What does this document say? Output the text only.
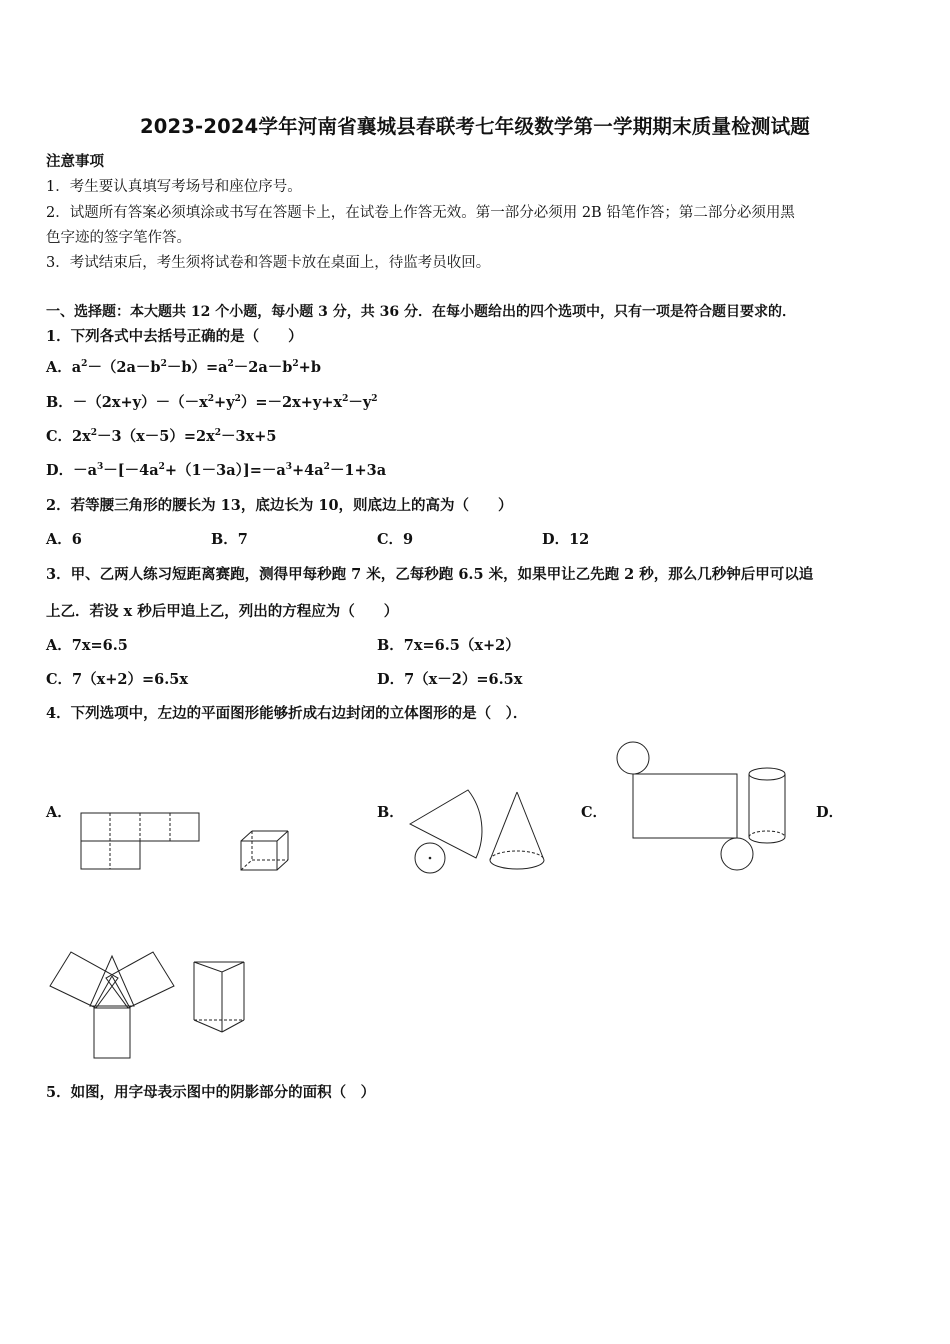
2023-2024学年河南省襄城县春联考七年级数学第一学期期末质量检测试题
注意事项
1．考生要认真填写考场号和座位序号。
2．试题所有答案必须填涂或书写在答题卡上，在试卷上作答无效。第一部分必须用 2B 铅笔作答；第二部分必须用黑
色字迹的签字笔作答。
3．考试结束后，考生须将试卷和答题卡放在桌面上，待监考员收回。
一、选择题：本大题共 12 个小题，每小题 3 分，共 36 分．在每小题给出的四个选项中，只有一项是符合题目要求的．
1．下列各式中去括号正确的是（　　）
A．$a^2-(2a-b^2-b)=a^2-2a-b^2+b$
B．$-(2x+y)-(-x^2+y^2)=-2x+y+x^2-y^2$
C．$2x^2-3(x-5)=2x^2-3x+5$
D．$-a^3-[-4a^2+(1-3a)]=-a^3+4a^2-1+3a$
2．若等腰三角形的腰长为 13，底边长为 10，则底边上的高为（　　）
A．6	B．7	C．9	D．12
3．甲、乙两人练习短距离赛跑，测得甲每秒跑 7 米，乙每秒跑 6.5 米，如果甲让乙先跑 2 秒，那么几秒钟后甲可以追
上乙．若设 x 秒后甲追上乙，列出的方程应为（　　）
A．7x=6.5	B．7x=6.5（x+2）
C．7（x+2）=6.5x	D．7（x－2）=6.5x
4．下列选项中，左边的平面图形能够折成右边封闭的立体图形的是（　）．
A．	B．	C．	D．
5．如图，用字母表示图中的阴影部分的面积（　）
